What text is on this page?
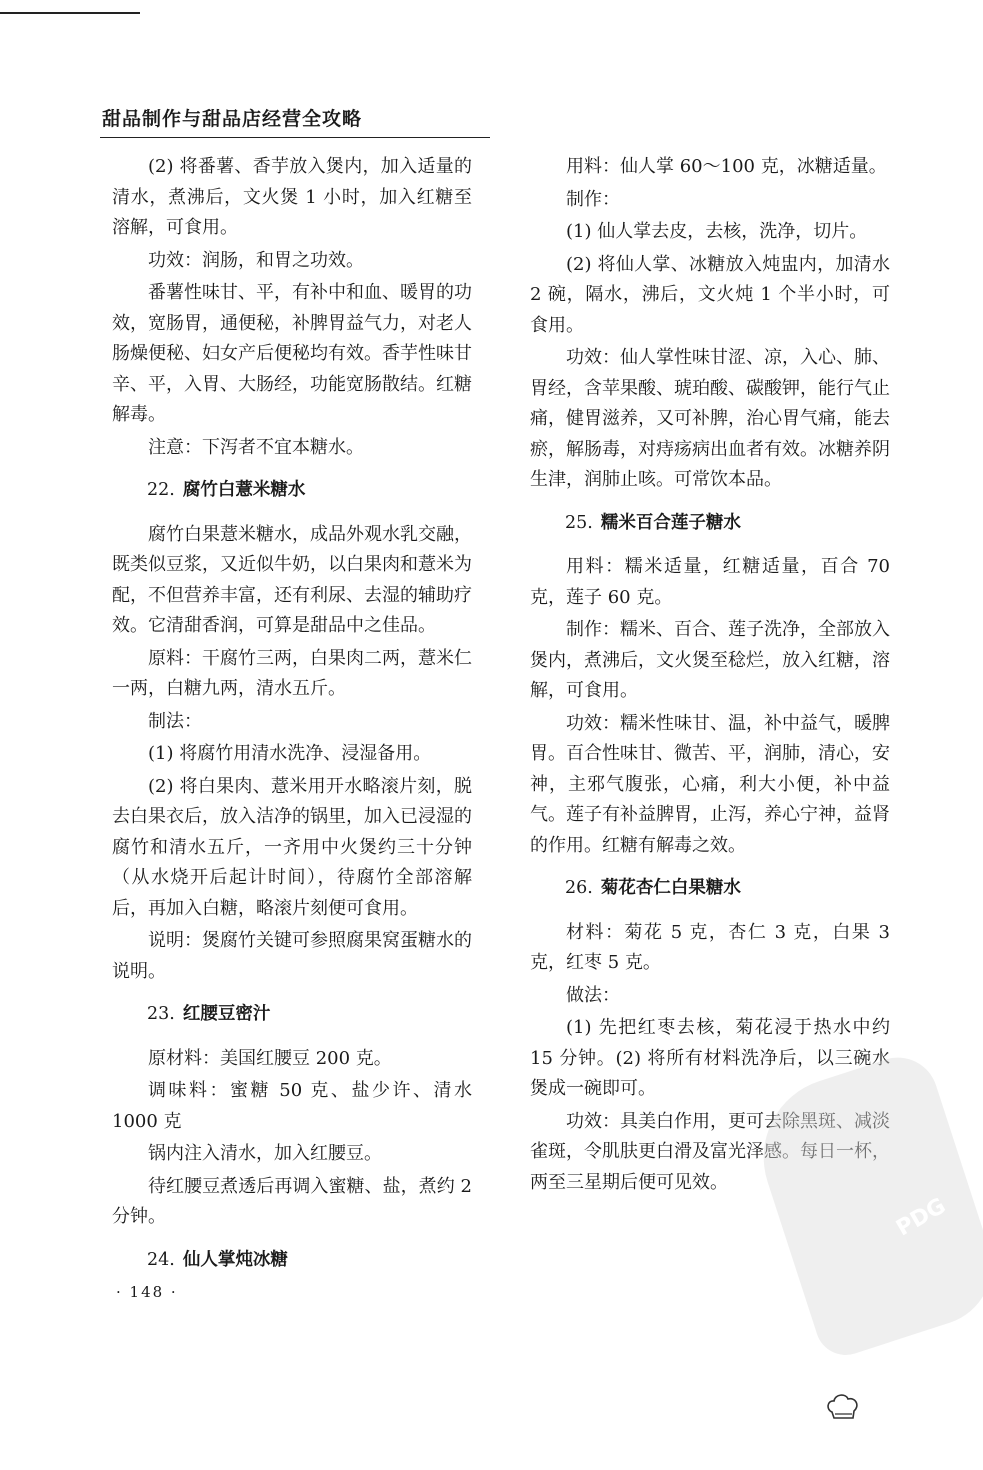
甜品制作与甜品店经营全攻略

(2) 将番薯、香芋放入煲内，加入适量的清水，煮沸后，文火煲 1 小时，加入红糖至溶解，可食用。

功效：润肠，和胃之功效。

番薯性味甘、平，有补中和血、暖胃的功效，宽肠胃，通便秘，补脾胃益气力，对老人肠燥便秘、妇女产后便秘均有效。香芋性味甘辛、平，入胃、大肠经，功能宽肠散结。红糖解毒。

注意：下泻者不宜本糖水。

22. 腐竹白薏米糖水

腐竹白果薏米糖水，成品外观水乳交融，既类似豆浆，又近似牛奶，以白果肉和薏米为配，不但营养丰富，还有利尿、去湿的辅助疗效。它清甜香润，可算是甜品中之佳品。

原料：干腐竹三两，白果肉二两，薏米仁一两，白糖九两，清水五斤。

制法：

(1) 将腐竹用清水洗净、浸湿备用。

(2) 将白果肉、薏米用开水略滚片刻，脱去白果衣后，放入洁净的锅里，加入已浸湿的腐竹和清水五斤，一齐用中火煲约三十分钟（从水烧开后起计时间），待腐竹全部溶解后，再加入白糖，略滚片刻便可食用。

说明：煲腐竹关键可参照腐果窝蛋糖水的说明。

23. 红腰豆密汁

原材料：美国红腰豆 200 克。

调味料：蜜糖 50 克、盐少许、清水 1000 克

锅内注入清水，加入红腰豆。

待红腰豆煮透后再调入蜜糖、盐，煮约 2 分钟。

24. 仙人掌炖冰糖

用料：仙人掌 60～100 克，冰糖适量。

制作：

(1) 仙人掌去皮，去核，洗净，切片。

(2) 将仙人掌、冰糖放入炖盅内，加清水 2 碗，隔水，沸后，文火炖 1 个半小时，可食用。

功效：仙人掌性味甘涩、凉，入心、肺、胃经，含苹果酸、琥珀酸、碳酸钾，能行气止痛，健胃滋养，又可补脾，治心胃气痛，能去瘀，解肠毒，对痔疡病出血者有效。冰糖养阴生津，润肺止咳。可常饮本品。

25. 糯米百合莲子糖水

用料：糯米适量，红糖适量，百合 70 克，莲子 60 克。

制作：糯米、百合、莲子洗净，全部放入煲内，煮沸后，文火煲至稔烂，放入红糖，溶解，可食用。

功效：糯米性味甘、温，补中益气，暖脾胃。百合性味甘、微苦、平，润肺，清心，安神，主邪气腹张，心痛，利大小便，补中益气。莲子有补益脾胃，止泻，养心宁神，益肾的作用。红糖有解毒之效。

26. 菊花杏仁白果糖水

材料：菊花 5 克，杏仁 3 克，白果 3 克，红枣 5 克。

做法：

(1) 先把红枣去核，菊花浸于热水中约 15 分钟。(2) 将所有材料洗净后，以三碗水煲成一碗即可。

功效：具美白作用，更可去除黑斑、减淡雀斑，令肌肤更白滑及富光泽感。每日一杯，两至三星期后便可见效。

· 148 ·
PDG
